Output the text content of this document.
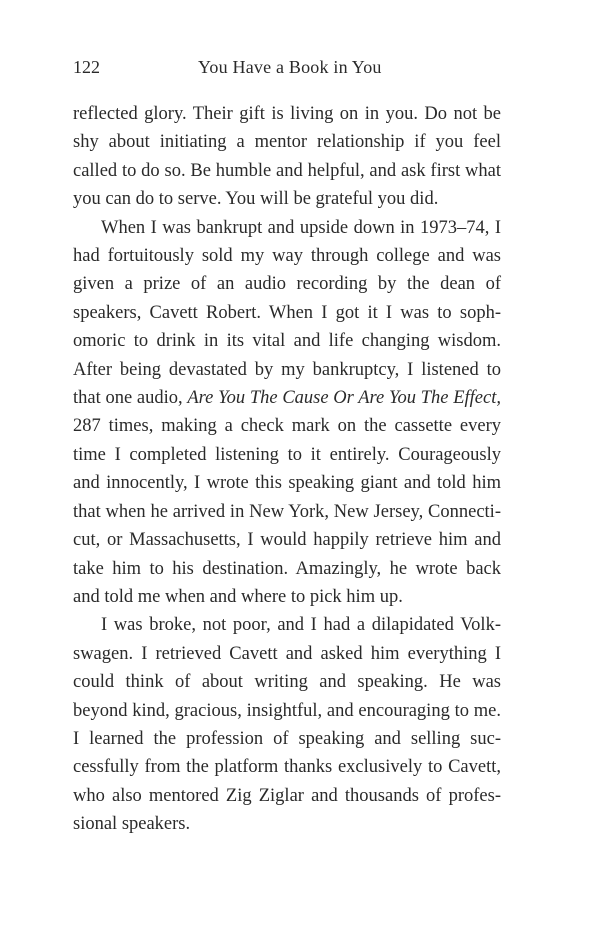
122	You Have a Book in You

reflected glory. Their gift is living on in you. Do not be shy about initiating a mentor relationship if you feel called to do so. Be humble and helpful, and ask first what you can do to serve. You will be grateful you did.

When I was bankrupt and upside down in 1973–74, I had fortuitously sold my way through college and was given a prize of an audio recording by the dean of speakers, Cavett Robert. When I got it I was to sophomoric to drink in its vital and life changing wisdom. After being devastated by my bankruptcy, I listened to that one audio, Are You The Cause Or Are You The Effect, 287 times, making a check mark on the cassette every time I completed listening to it entirely. Courageously and innocently, I wrote this speaking giant and told him that when he arrived in New York, New Jersey, Connecticut, or Massachusetts, I would happily retrieve him and take him to his destination. Amazingly, he wrote back and told me when and where to pick him up.

I was broke, not poor, and I had a dilapidated Volkswagen. I retrieved Cavett and asked him everything I could think of about writing and speaking. He was beyond kind, gracious, insightful, and encouraging to me. I learned the profession of speaking and selling successfully from the platform thanks exclusively to Cavett, who also mentored Zig Ziglar and thousands of professional speakers.
